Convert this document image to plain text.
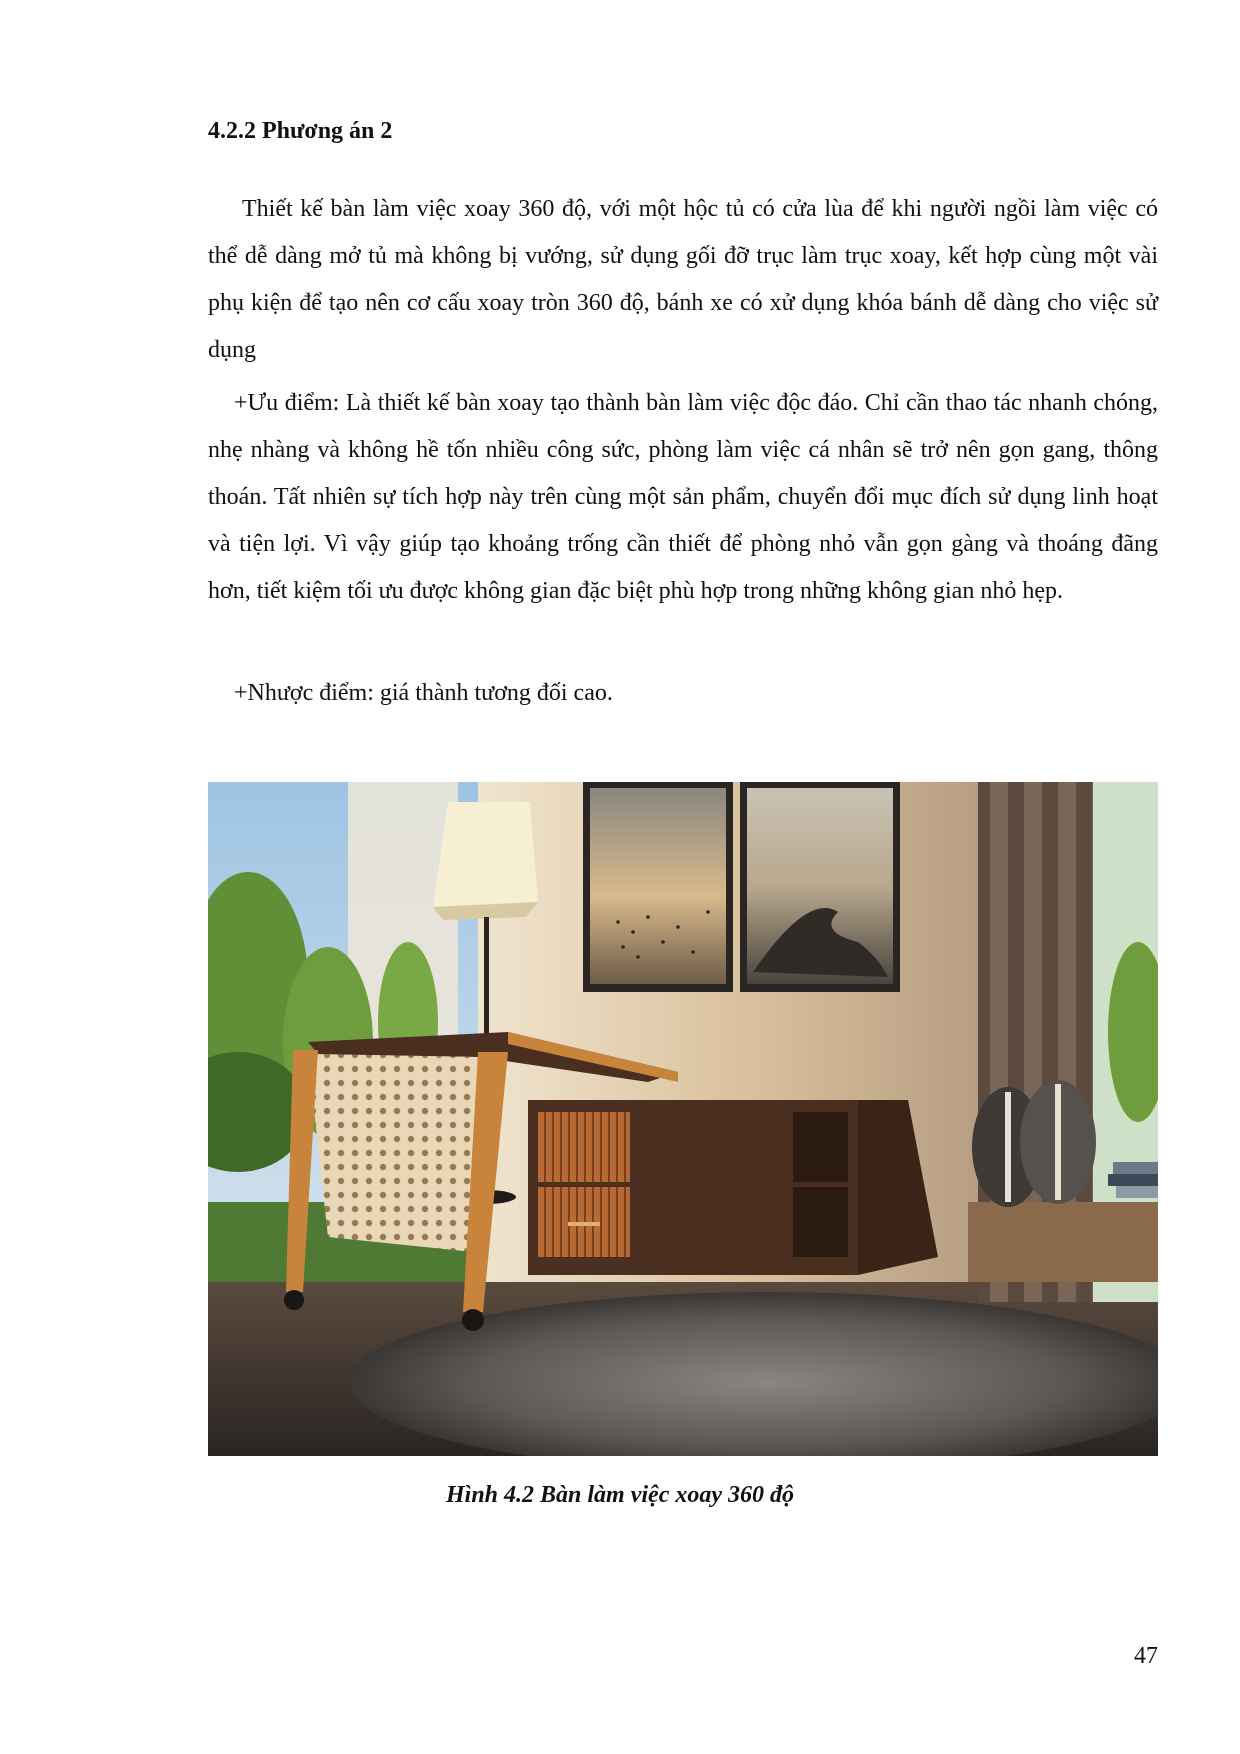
4.2.2 Phương án 2

Thiết kế bàn làm việc xoay 360 độ, với một hộc tủ có cửa lùa để khi người ngồi làm việc có thể dễ dàng mở tủ mà không bị vướng, sử dụng gối đỡ trục làm trục xoay, kết hợp cùng một vài phụ kiện để tạo nên cơ cấu xoay tròn 360 độ, bánh xe có xử dụng khóa bánh dễ dàng cho việc sử dụng

+Ưu điểm: Là thiết kế bàn xoay tạo thành bàn làm việc độc đáo. Chỉ cần thao tác nhanh chóng, nhẹ nhàng và không hề tốn nhiều công sức, phòng làm việc cá nhân sẽ trở nên gọn gang, thông thoán. Tất nhiên sự tích hợp này trên cùng một sản phẩm, chuyển đổi mục đích sử dụng linh hoạt và tiện lợi. Vì vậy giúp tạo khoảng trống cần thiết để phòng nhỏ vẫn gọn gàng và thoáng đãng hơn, tiết kiệm tối ưu được không gian đặc biệt phù hợp trong những không gian nhỏ hẹp.

+Nhược điểm: giá thành tương đối cao.

Hình 4.2 Bàn làm việc xoay 360 độ
47
